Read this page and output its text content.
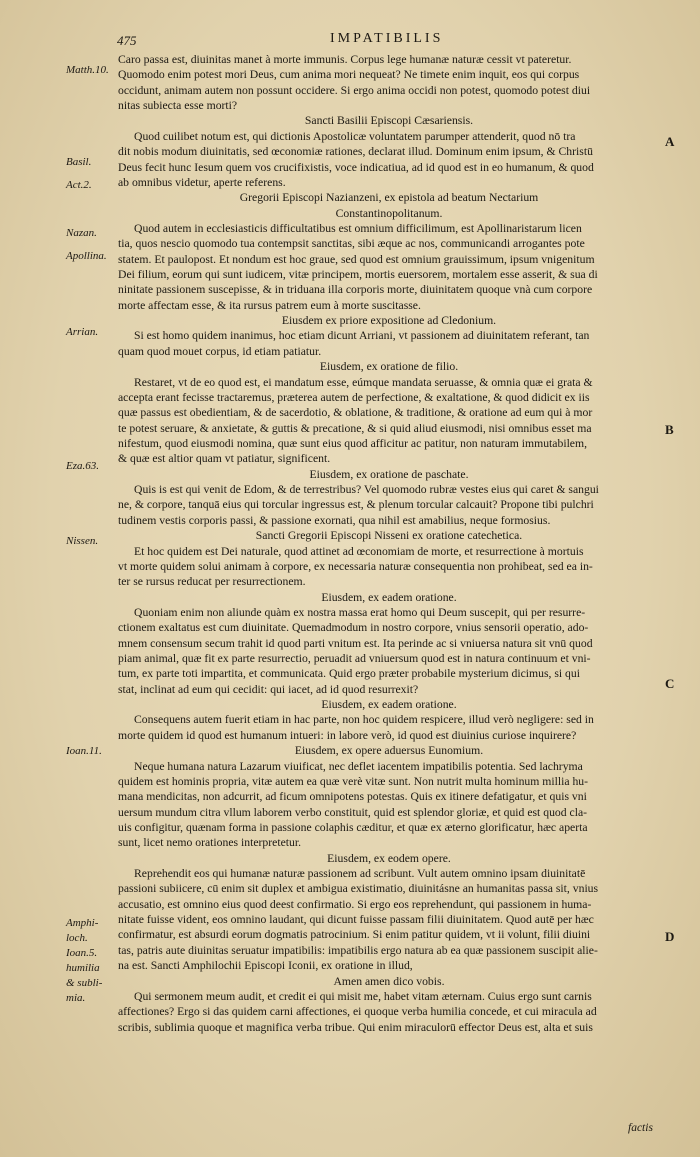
475	IMPATIBILIS
Caro passa est, diuinitas manet à morte immunis. Corpus lege humanæ naturæ cessit vt pateretur.
Quomodo enim potest mori Deus, cum anima mori nequeat? Ne timete enim inquit, eos qui corpus
occidunt, animam autem non possunt occidere. Si ergo anima occidi non potest, quomodo potest diui
nitas subiecta esse morti?
Sancti Basilii Episcopi Cæsariensis.
Quod cuilibet notum est, qui dictionis Apostolicæ voluntatem parumper attenderit, quod nō tra
dit nobis modum diuinitatis, sed œconomiæ rationes, declarat illud. Dominum enim ipsum, & Christū
Deus fecit hunc Iesum quem vos crucifixistis, voce indicatiua, ad id quod est in eo humanum, & quod
ab omnibus videtur, aperte referens.
Gregorii Episcopi Nazianzeni, ex epistola ad beatum Nectarium
Constantinopolitanum.
Quod autem in ecclesiasticis difficultatibus est omnium difficilimum, est Apollinaristarum licen
tia, quos nescio quomodo tua contempsit sanctitas, sibi æque ac nos, communicandi arrogantes pote
statem. Et paulopost. Et nondum est hoc graue, sed quod est omnium grauissimum, ipsum vnigenitum
Dei filium, eorum qui sunt iudicem, vitæ principem, mortis euersorem, mortalem esse asserit, & sua di
ninitate passionem suscepisse, & in triduana illa corporis morte, diuinitatem quoque vnà cum corpore
morte affectam esse, & ita rursus patrem eum à morte suscitasse.
Eiusdem ex priore expositione ad Cledonium.
Si est homo quidem inanimus, hoc etiam dicunt Arriani, vt passionem ad diuinitatem referant, tan
quam quod mouet corpus, id etiam patiatur.
Eiusdem, ex oratione de filio.
Restaret, vt de eo quod est, ei mandatum esse, eúmque mandata seruasse, & omnia quæ ei grata &
accepta erant fecisse tractaremus, præterea autem de perfectione, & exaltatione, & quod didicit ex iis
quæ passus est obedientiam, & de sacerdotio, & oblatione, & traditione, & oratione ad eum qui à mor
te potest seruare, & anxietate, & guttis & precatione, & si quid aliud eiusmodi, nisi omnibus esset ma
nifestum, quod eiusmodi nomina, quæ sunt eius quod afficitur ac patitur, non naturam immutabilem,
& quæ est altior quam vt patiatur, significent.
Eiusdem, ex oratione de paschate.
Quis is est qui venit de Edom, & de terrestribus? Vel quomodo rubræ vestes eius qui caret & sangui
ne, & corpore, tanquā eius qui torcular ingressus est, & plenum torcular calcauit? Propone tibi pulchri
tudinem vestis corporis passi, & passione exornati, qua nihil est amabilius, neque formosius.
Sancti Gregorii Episcopi Nisseni ex oratione catechetica.
Et hoc quidem est Dei naturale, quod attinet ad œconomiam de morte, et resurrectione à mortuis
vt morte quidem solui animam à corpore, ex necessaria naturæ consequentia non prohibeat, sed ea in-
ter se rursus reducat per resurrectionem.
Eiusdem, ex eadem oratione.
Quoniam enim non aliunde quàm ex nostra massa erat homo qui Deum suscepit, qui per resurre-
ctionem exaltatus est cum diuinitate. Quemadmodum in nostro corpore, vnius sensorii operatio, ado-
mnem consensum secum trahit id quod parti vnitum est. Ita perinde ac si vniuersa natura sit vnū quod
piam animal, quæ fit ex parte resurrectio, peruadit ad vniuersum quod est in natura continuum et vni-
tum, ex parte toti impartita, et communicata. Quid ergo præter probabile mysterium dicimus, si qui
stat, inclinat ad eum qui cecidit: qui iacet, ad id quod resurrexit?
Eiusdem, ex eadem oratione.
Consequens autem fuerit etiam in hac parte, non hoc quidem respicere, illud verò negligere: sed in
morte quidem id quod est humanum intueri: in labore verò, id quod est diuinius curiose inquirere?
Eiusdem, ex opere aduersus Eunomium.
Neque humana natura Lazarum viuificat, nec deflet iacentem impatibilis potentia. Sed lachryma
quidem est hominis propria, vitæ autem ea quæ verè vitæ sunt. Non nutrit multa hominum millia hu-
mana mendicitas, non adcurrit, ad ficum omnipotens potestas. Quis ex itinere defatigatur, et quis vni
uersum mundum citra vllum laborem verbo constituit, quid est splendor gloriæ, et quid est quod cla-
uis configitur, quænam forma in passione colaphis cæditur, et quæ ex æterno glorificatur, hæc aperta
sunt, licet nemo orationes interpretetur.
Eiusdem, ex eodem opere.
Reprehendit eos qui humanæ naturæ passionem ad scribunt. Vult autem omnino ipsam diuinitatē
passioni subiicere, cū enim sit duplex et ambigua existimatio, diuinitásne an humanitas passa sit, vnius
accusatio, est omnino eius quod deest confirmatio. Si ergo eos reprehendunt, qui passionem in huma-
nitate fuisse vident, eos omnino laudant, qui dicunt fuisse passam filii diuinitatem. Quod autē per hæc
confirmatur, est absurdi eorum dogmatis patrocinium. Si enim patitur quidem, vt ii volunt, filii diuini
tas, patris aute diuinitas seruatur impatibilis: impatibilis ergo natura ab ea quæ passionem suscipit alie-
na est. Sancti Amphilochii Episcopi Iconii, ex oratione in illud,
Amen amen dico vobis.
Qui sermonem meum audit, et credit ei qui misit me, habet vitam æternam. Cuius ergo sunt carnis
affectiones? Ergo si das quidem carni affectiones, ei quoque verba humilia concede, et cui miracula ad
scribis, sublimia quoque et magnifica verba tribue. Qui enim miraculorū effector Deus est, alta et suis
Matth.10.
Basil.
Act.2.
Nazan.
Apollina.
Arrian.
Eza.63.
Nissen.
Ioan.11.
Amphi-
loch.
Ioan.5.
humilia
& subli-
mia.
A
B
C
D
factis
